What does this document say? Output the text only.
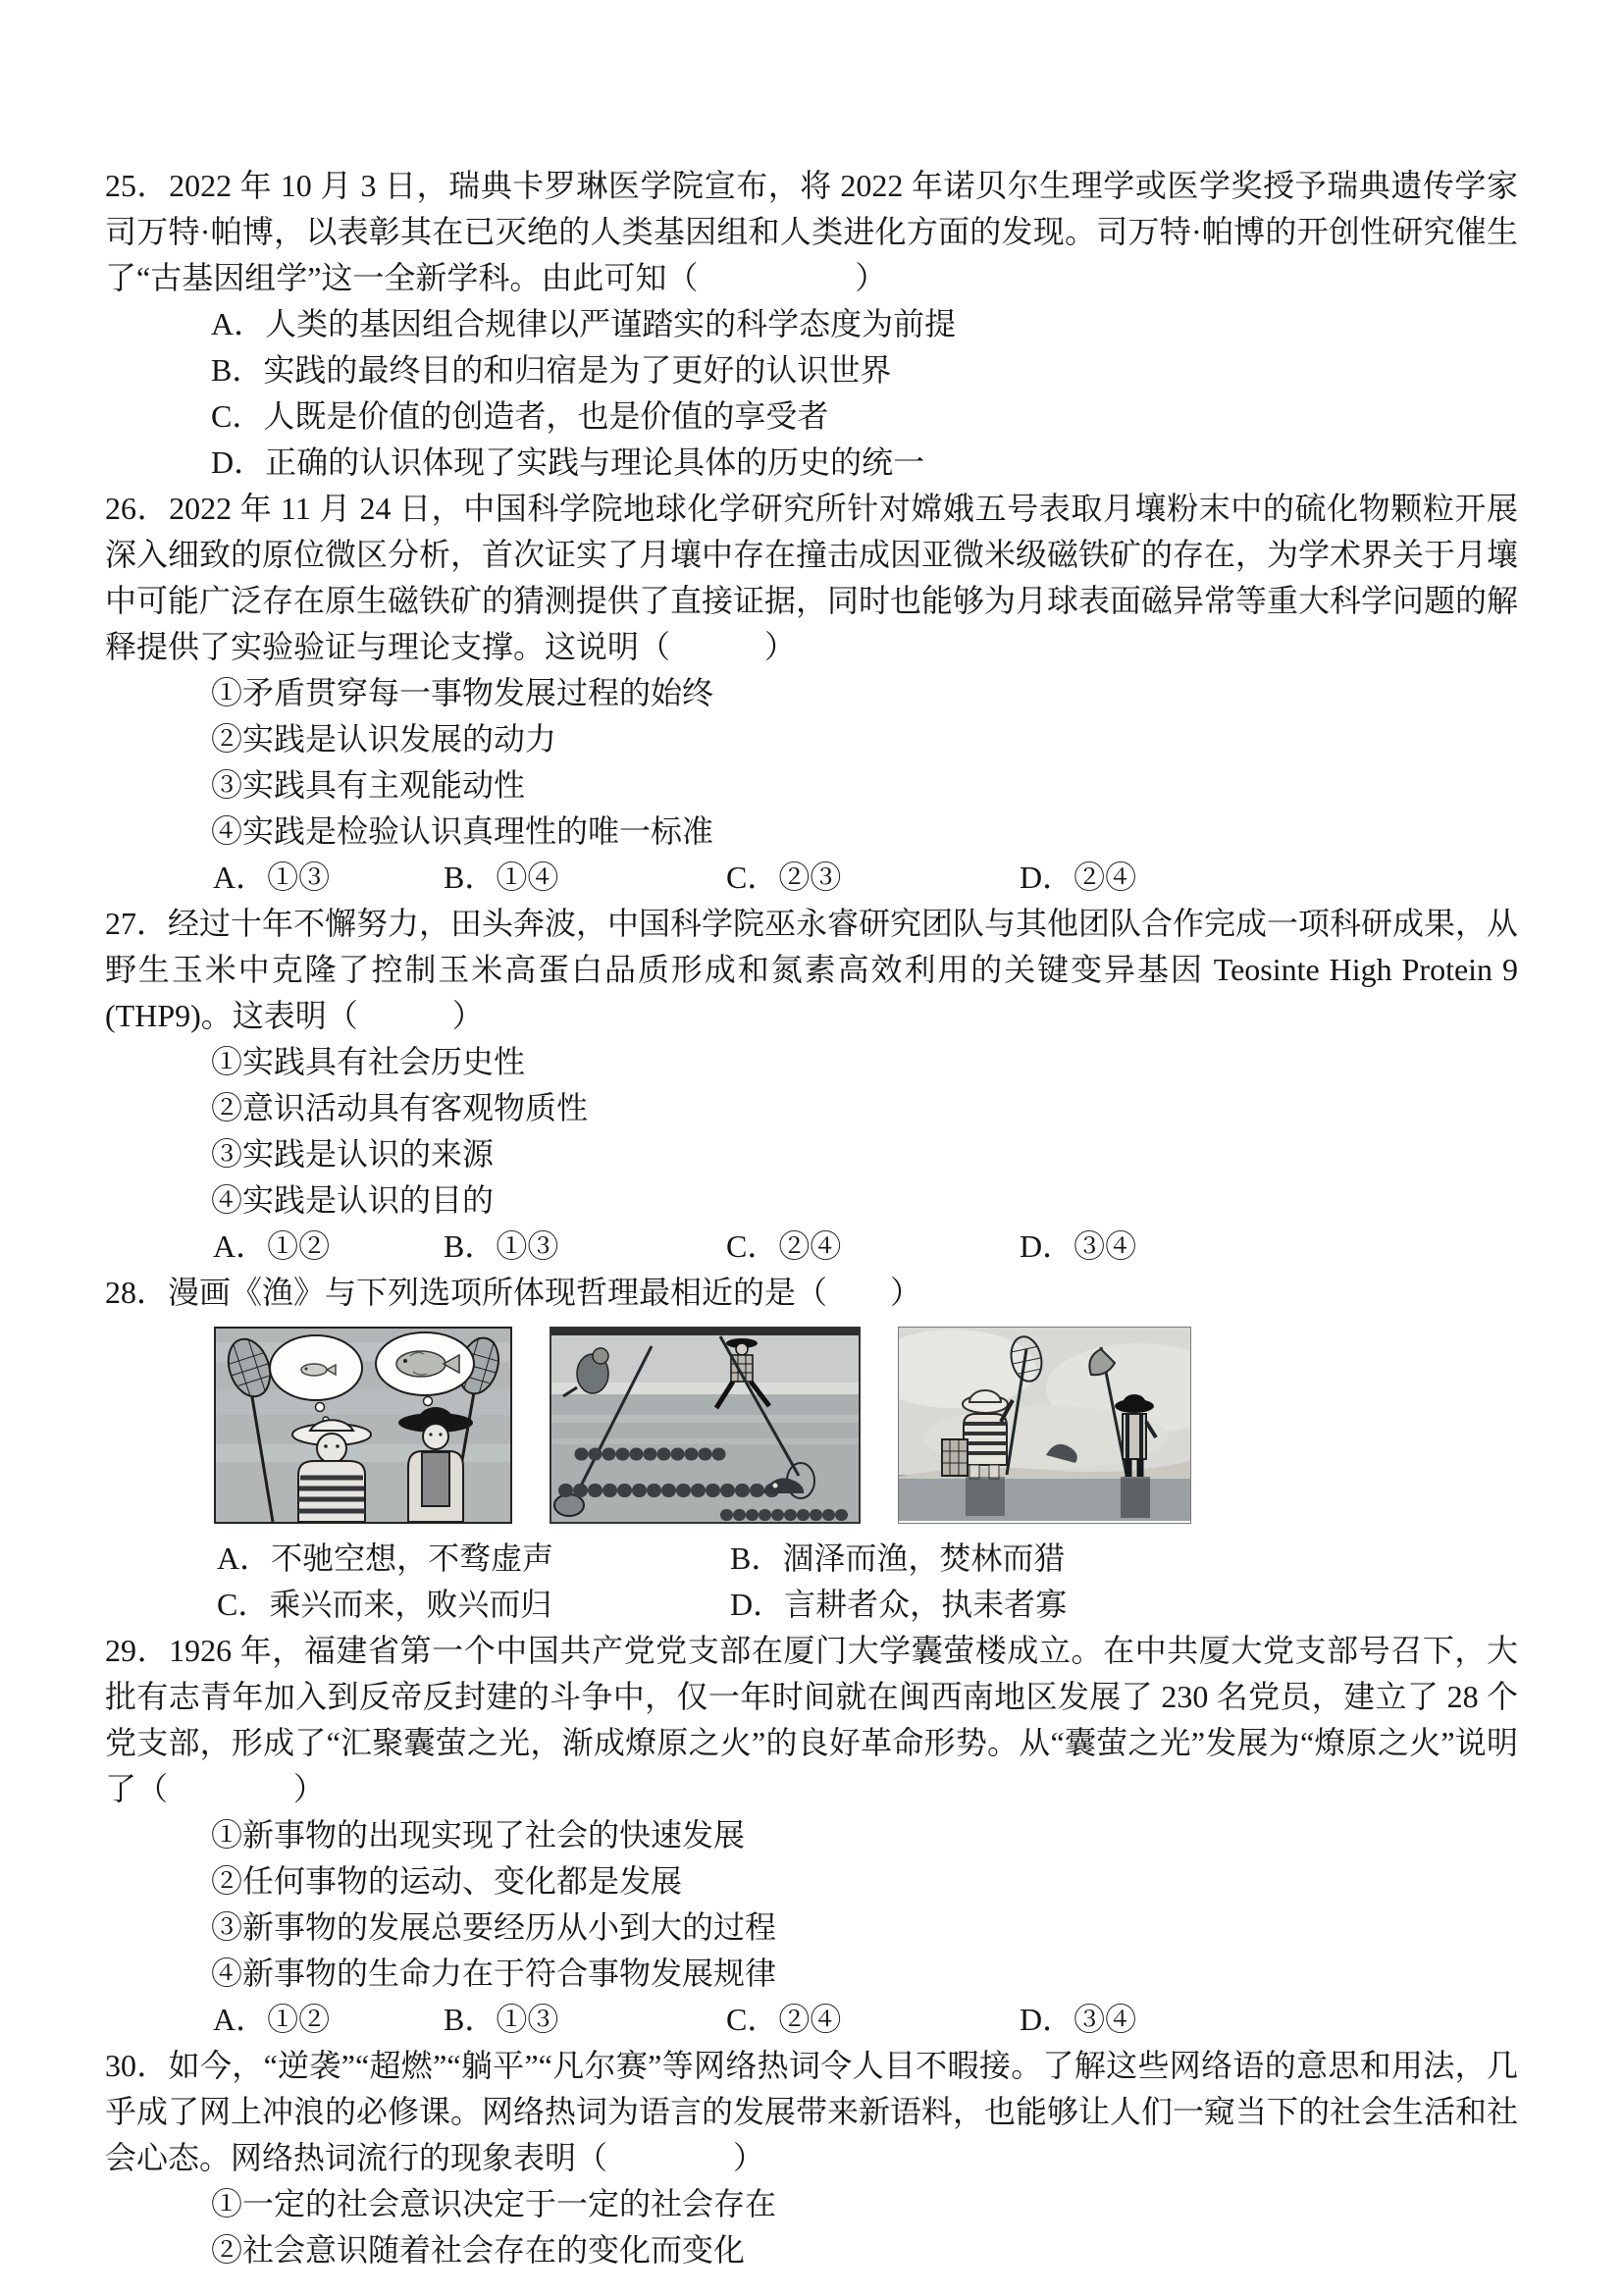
25．2022 年 10 月 3 日，瑞典卡罗琳医学院宣布，将 2022 年诺贝尔生理学或医学奖授予瑞典遗传学家司万特·帕博，以表彰其在已灭绝的人类基因组和人类进化方面的发现。司万特·帕博的开创性研究催生了“古基因组学”这一全新学科。由此可知（　　　　　）

A．人类的基因组合规律以严谨踏实的科学态度为前提

B．实践的最终目的和归宿是为了更好的认识世界

C．人既是价值的创造者，也是价值的享受者

D．正确的认识体现了实践与理论具体的历史的统一

26．2022 年 11 月 24 日，中国科学院地球化学研究所针对嫦娥五号表取月壤粉末中的硫化物颗粒开展深入细致的原位微区分析，首次证实了月壤中存在撞击成因亚微米级磁铁矿的存在，为学术界关于月壤中可能广泛存在原生磁铁矿的猜测提供了直接证据，同时也能够为月球表面磁异常等重大科学问题的解释提供了实验验证与理论支撑。这说明（　　　）

①矛盾贯穿每一事物发展过程的始终

②实践是认识发展的动力

③实践具有主观能动性

④实践是检验认识真理性的唯一标准

A．①③	B．①④	C．②③	D．②④

27．经过十年不懈努力，田头奔波，中国科学院巫永睿研究团队与其他团队合作完成一项科研成果，从野生玉米中克隆了控制玉米高蛋白品质形成和氮素高效利用的关键变异基因 Teosinte High Protein 9 (THP9)。这表明（　　　）

①实践具有社会历史性

②意识活动具有客观物质性

③实践是认识的来源

④实践是认识的目的

A．①②	B．①③	C．②④	D．③④

28．漫画《渔》与下列选项所体现哲理最相近的是（　　）

A．不驰空想，不骛虚声	B．涸泽而渔，焚林而猎
C．乘兴而来，败兴而归	D．言耕者众，执耒者寡

29．1926 年，福建省第一个中国共产党党支部在厦门大学囊萤楼成立。在中共厦大党支部号召下，大批有志青年加入到反帝反封建的斗争中，仅一年时间就在闽西南地区发展了 230 名党员，建立了 28 个党支部，形成了“汇聚囊萤之光，渐成燎原之火”的良好革命形势。从“囊萤之光”发展为“燎原之火”说明了（　　　　）

①新事物的出现实现了社会的快速发展

②任何事物的运动、变化都是发展

③新事物的发展总要经历从小到大的过程

④新事物的生命力在于符合事物发展规律

A．①②	B．①③	C．②④	D．③④

30．如今，“逆袭”“超燃”“躺平”“凡尔赛”等网络热词令人目不暇接。了解这些网络语的意思和用法，几乎成了网上冲浪的必修课。网络热词为语言的发展带来新语料，也能够让人们一窥当下的社会生活和社会心态。网络热词流行的现象表明（　　　　）

①一定的社会意识决定于一定的社会存在

②社会意识随着社会存在的变化而变化
